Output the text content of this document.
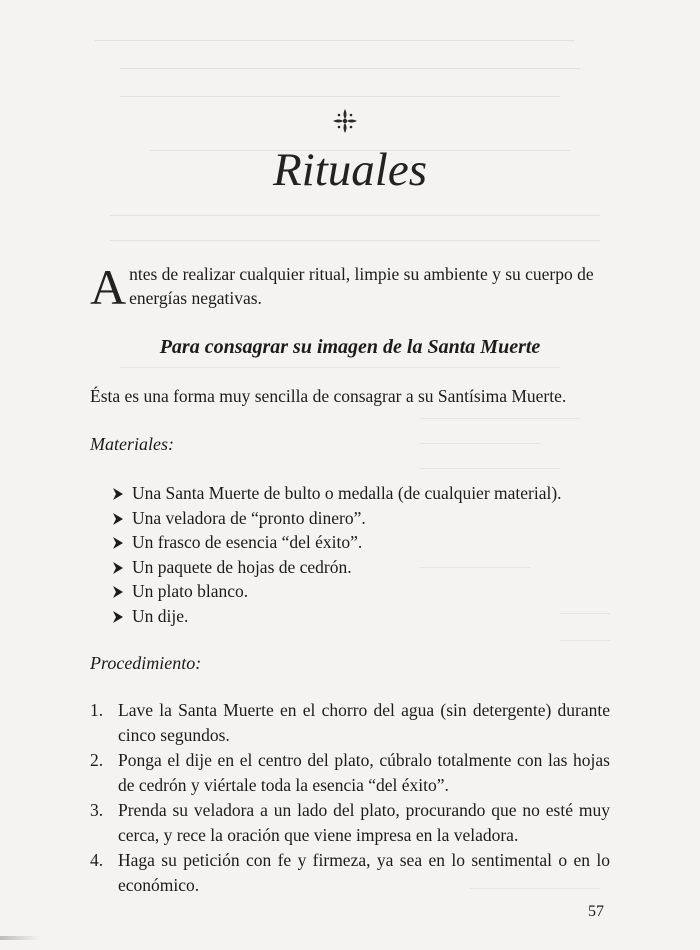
Rituales

Antes de realizar cualquier ritual, limpie su ambiente y su cuerpo de energías negativas.

Para consagrar su imagen de la Santa Muerte

Ésta es una forma muy sencilla de consagrar a su Santísima Muerte.

Materiales:
Una Santa Muerte de bulto o medalla (de cualquier material).
Una veladora de “pronto dinero”.
Un frasco de esencia “del éxito”.
Un paquete de hojas de cedrón.
Un plato blanco.
Un dije.
Procedimiento:
1. Lave la Santa Muerte en el chorro del agua (sin detergente) durante cinco segundos.
2. Ponga el dije en el centro del plato, cúbralo totalmente con las hojas de cedrón y viértale toda la esencia “del éxito”.
3. Prenda su veladora a un lado del plato, procurando que no esté muy cerca, y rece la oración que viene impresa en la veladora.
4. Haga su petición con fe y firmeza, ya sea en lo sentimental o en lo económico.
57
